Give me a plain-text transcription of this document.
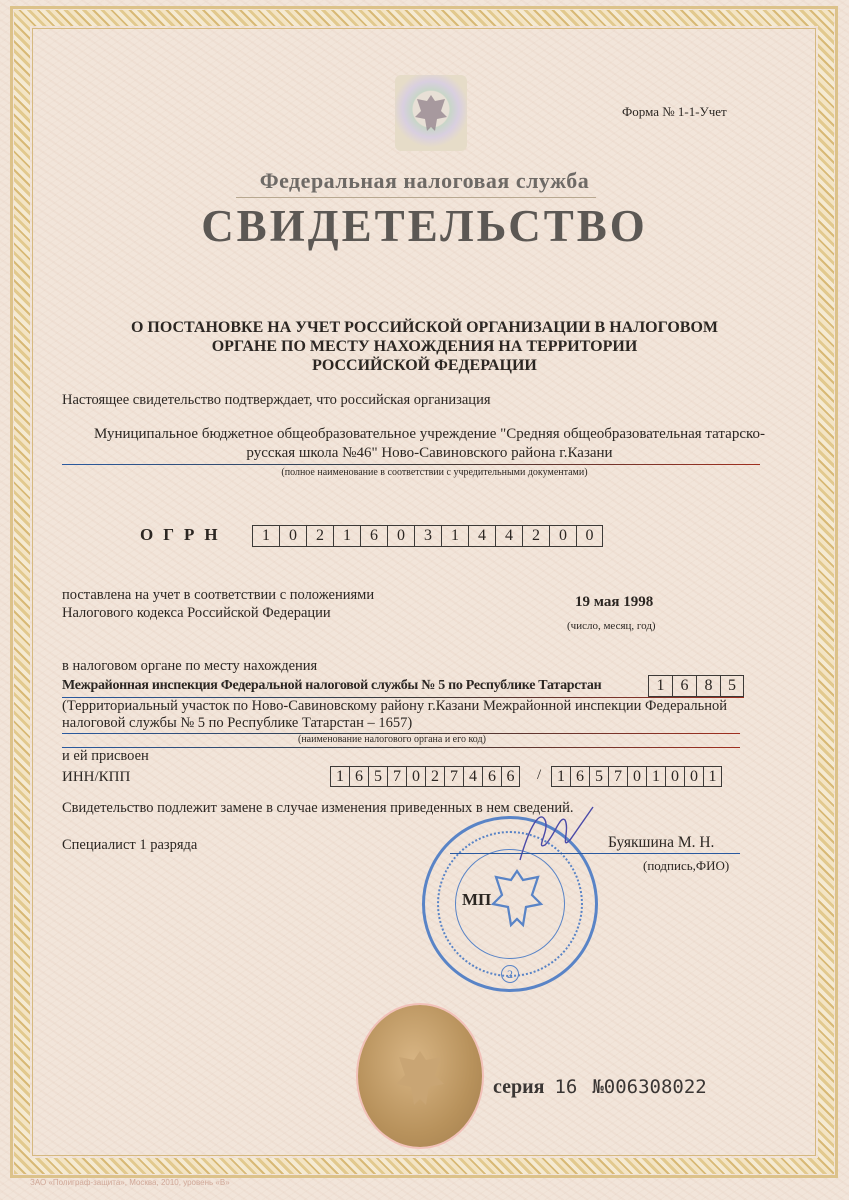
Форма № 1-1-Учет
Федеральная налоговая служба
СВИДЕТЕЛЬСТВО
О ПОСТАНОВКЕ НА УЧЕТ РОССИЙСКОЙ ОРГАНИЗАЦИИ В НАЛОГОВОМ
ОРГАНЕ ПО МЕСТУ НАХОЖДЕНИЯ НА ТЕРРИТОРИИ
РОССИЙСКОЙ ФЕДЕРАЦИИ
Настоящее свидетельство подтверждает, что российская организация
Муниципальное бюджетное общеобразовательное учреждение "Средняя общеобразовательная татарско-
русская школа №46" Ново-Савиновского района г.Казани
(полное наименование в соответствии с учредительными документами)
ОГРН	1	0	2	1	6	0	3	1	4	4	2	0	0
поставлена на учет в соответствии с положениями
Налогового кодекса Российской Федерации
19 мая 1998
(число, месяц, год)
в налоговом органе по месту нахождения
Межрайонная инспекция Федеральной налоговой службы № 5 по Республике Татарстан	1	6	8 5
(Территориальный участок по Ново-Савиновскому району г.Казани Межрайонной инспекции Федеральной
налоговой службы № 5 по Республике Татарстан – 1657)
(наименование налогового органа и его код)
и ей присвоен
ИНН/КПП	1 6 5 7 0 2 7 4 6 6	/ 1 6 5 7 0 1 0 0 1
Свидетельство подлежит замене в случае изменения приведенных в нем сведений.
Специалист 1 разряда
2
МП
Буякшина М. Н.
(подпись,ФИО)
серия 16 №006308022
ЗАО «Полиграф-защита», Москва, 2010, уровень «В»
